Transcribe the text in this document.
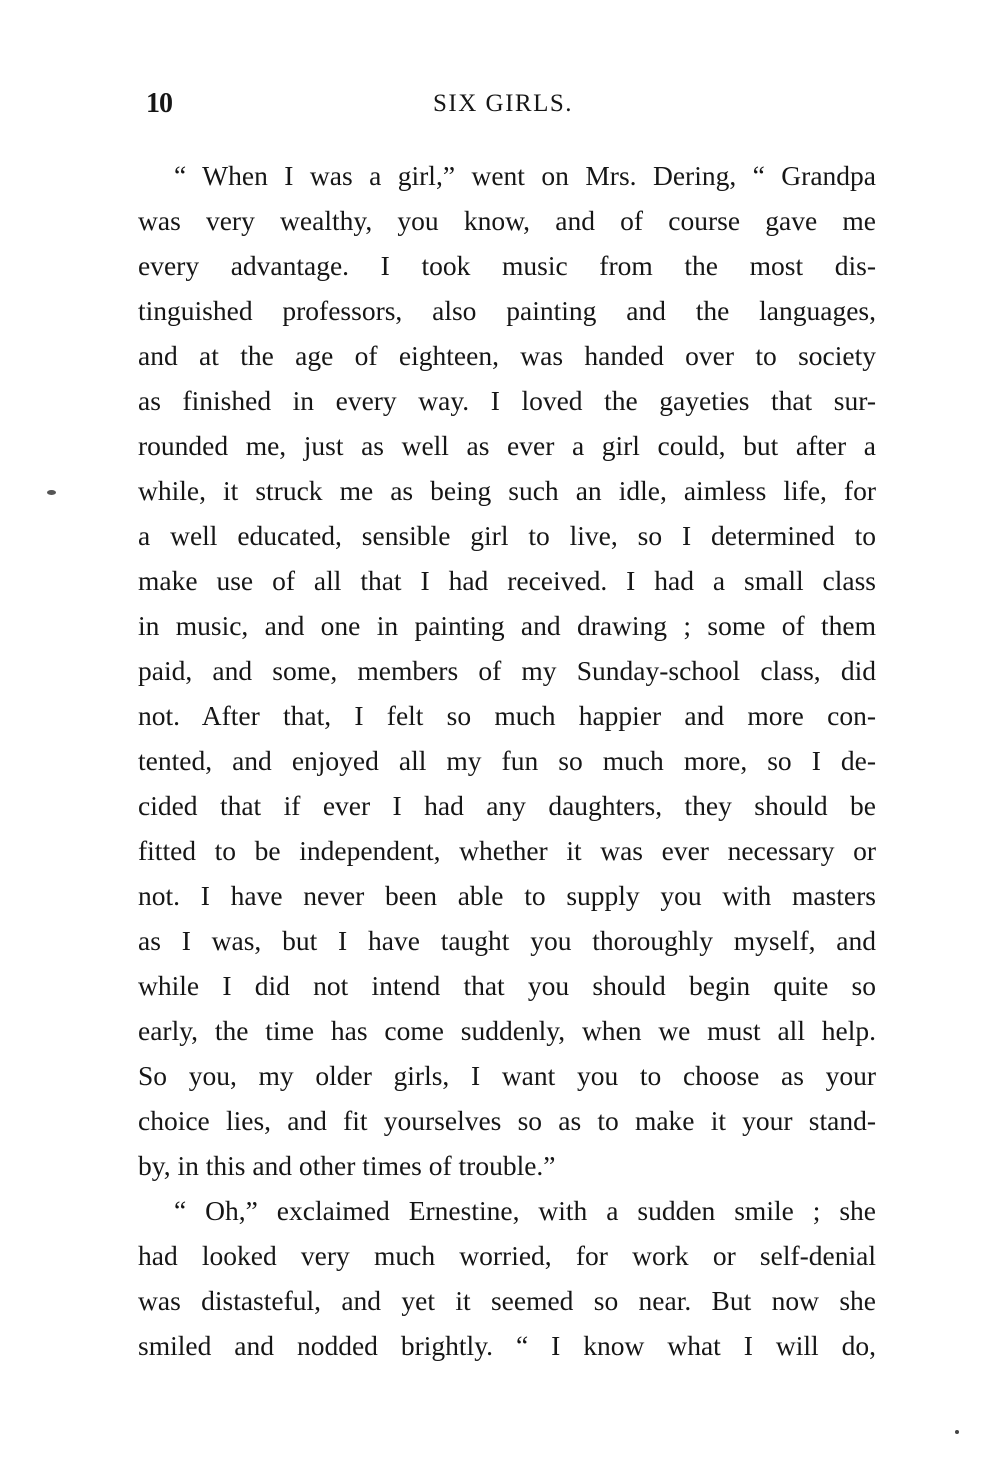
10	SIX GIRLS.
“ When I was a girl,” went on Mrs. Dering, “ Grandpa
was very wealthy, you know, and of course gave me
every advantage. I took music from the most dis-
tinguished professors, also painting and the languages,
and at the age of eighteen, was handed over to society
as finished in every way. I loved the gayeties that sur-
rounded me, just as well as ever a girl could, but after a
while, it struck me as being such an idle, aimless life, for
a well educated, sensible girl to live, so I determined to
make use of all that I had received. I had a small class
in music, and one in painting and drawing ; some of them
paid, and some, members of my Sunday-school class, did
not. After that, I felt so much happier and more con-
tented, and enjoyed all my fun so much more, so I de-
cided that if ever I had any daughters, they should be
fitted to be independent, whether it was ever necessary or
not. I have never been able to supply you with masters
as I was, but I have taught you thoroughly myself, and
while I did not intend that you should begin quite so
early, the time has come suddenly, when we must all help.
So you, my older girls, I want you to choose as your
choice lies, and fit yourselves so as to make it your stand-
by, in this and other times of trouble.”
“ Oh,” exclaimed Ernestine, with a sudden smile ; she
had looked very much worried, for work or self-denial
was distasteful, and yet it seemed so near. But now she
smiled and nodded brightly. “ I know what I will do,
